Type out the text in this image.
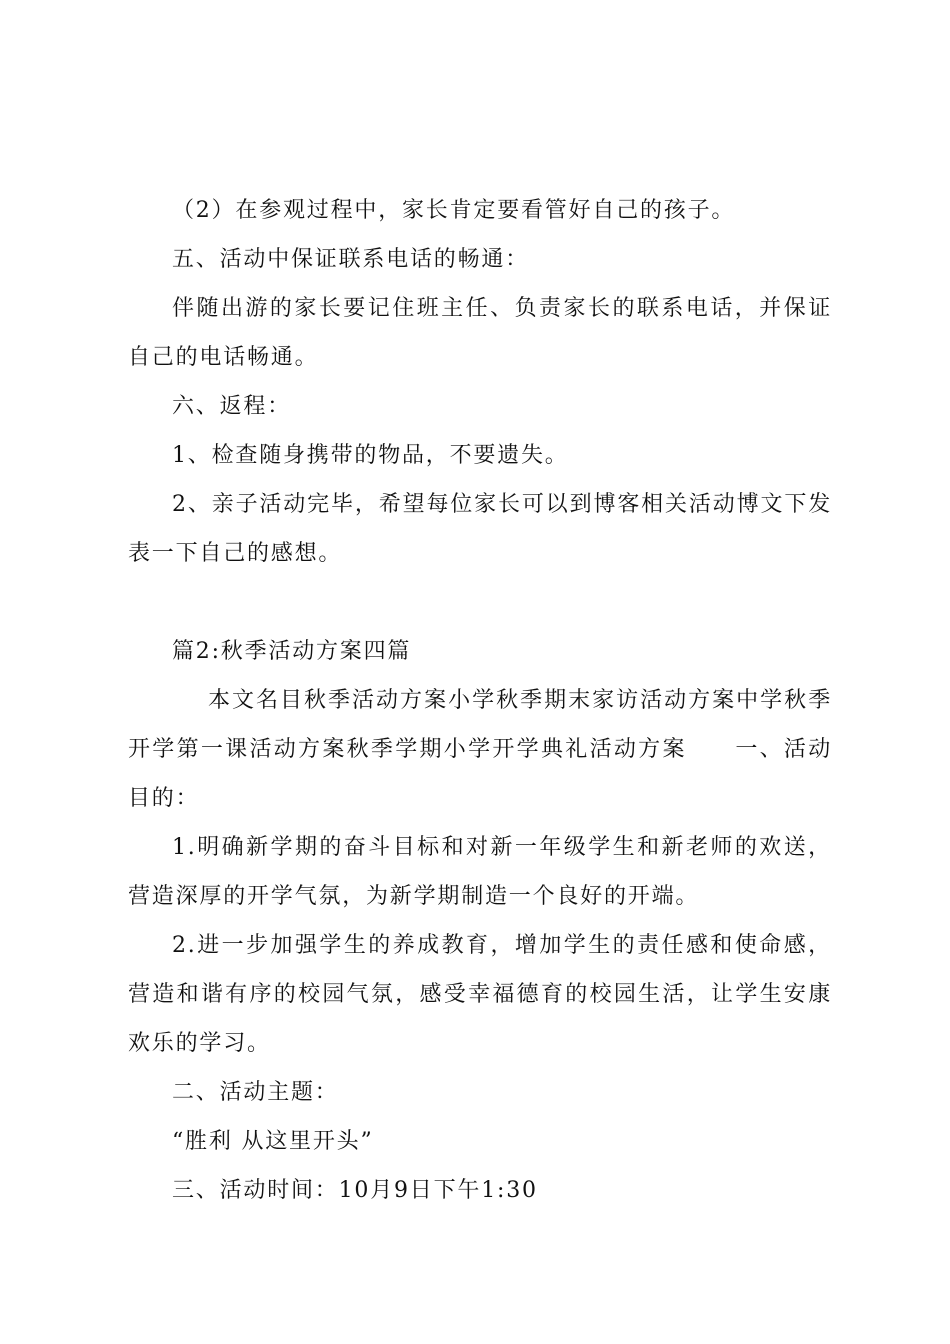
（2）在参观过程中，家长肯定要看管好自己的孩子。

五、活动中保证联系电话的畅通：

伴随出游的家长要记住班主任、负责家长的联系电话，并保证自己的电话畅通。

六、返程：

1、检查随身携带的物品，不要遗失。

2、亲子活动完毕，希望每位家长可以到博客相关活动博文下发表一下自己的感想。

篇2:秋季活动方案四篇

本文名目秋季活动方案小学秋季期末家访活动方案中学秋季开学第一课活动方案秋季学期小学开学典礼活动方案　　一、活动目的：

1.明确新学期的奋斗目标和对新一年级学生和新老师的欢送，营造深厚的开学气氛，为新学期制造一个良好的开端。

2.进一步加强学生的养成教育，增加学生的责任感和使命感，营造和谐有序的校园气氛，感受幸福德育的校园生活，让学生安康欢乐的学习。

二、活动主题：

“胜利 从这里开头”

三、活动时间：10月9日下午1:30
